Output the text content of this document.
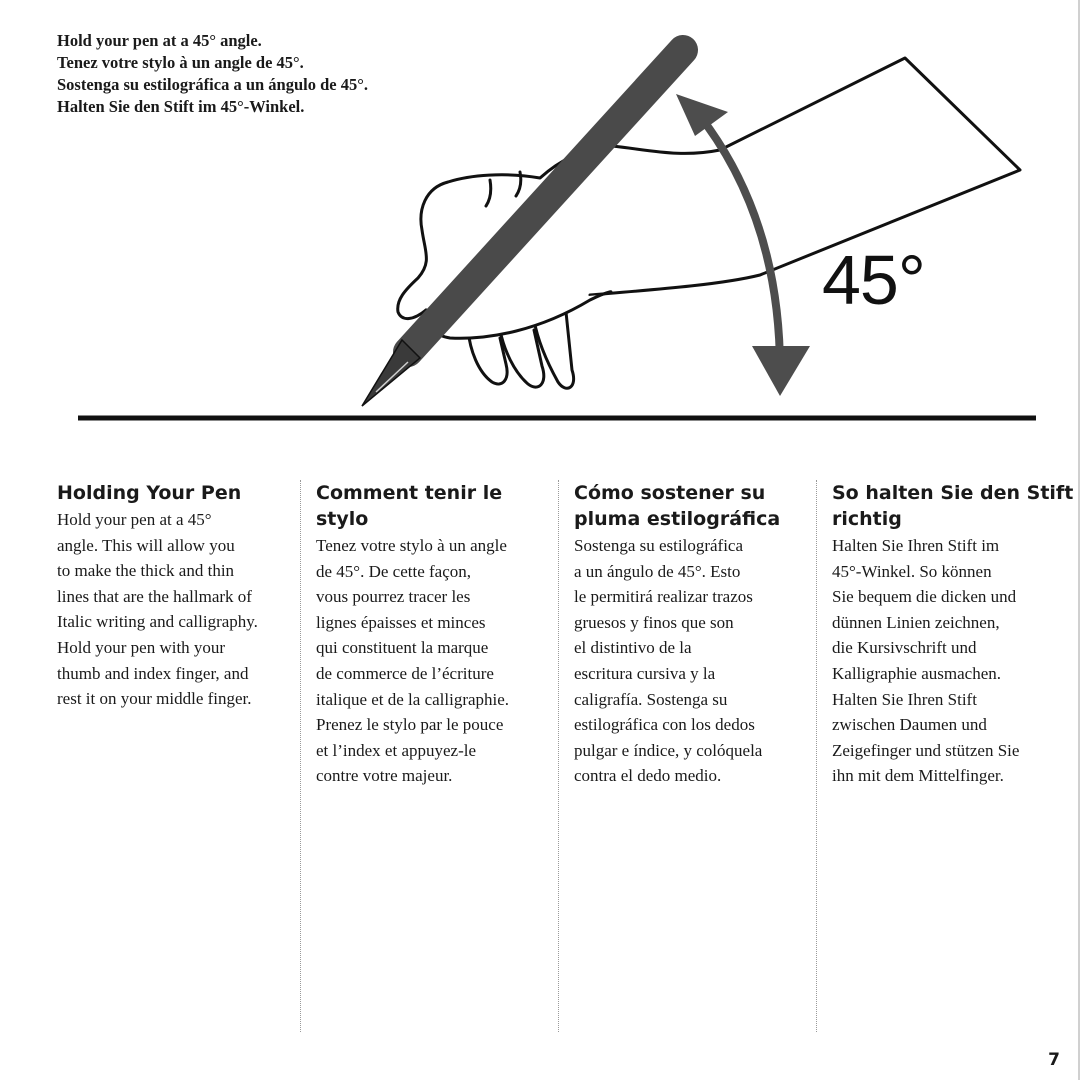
Hold your pen at a 45° angle.
Tenez votre stylo à un angle de 45°.
Sostenga su estilográfica a un ángulo de 45°.
Halten Sie den Stift im 45°-Winkel.
45°
Holding Your Pen

Hold your pen at a 45°
angle. This will allow you
to make the thick and thin
lines that are the hallmark of
Italic writing and calligraphy.
Hold your pen with your
thumb and index finger, and
rest it on your middle finger.

Comment tenir le stylo

Tenez votre stylo à un angle
de 45°. De cette façon,
vous pourrez tracer les
lignes épaisses et minces
qui constituent la marque
de commerce de l’écriture
italique et de la calligraphie.
Prenez le stylo par le pouce
et l’index et appuyez-le
contre votre majeur.

Cómo sostener su pluma estilográfica

Sostenga su estilográfica
a un ángulo de 45°. Esto
le permitirá realizar trazos
gruesos y finos que son
el distintivo de la
escritura cursiva y la
caligrafía. Sostenga su
estilográfica con los dedos
pulgar e índice, y colóquela
contra el dedo medio.

So halten Sie den Stift richtig

Halten Sie Ihren Stift im
45°-Winkel. So können
Sie bequem die dicken und
dünnen Linien zeichnen,
die Kursivschrift und
Kalligraphie ausmachen.
Halten Sie Ihren Stift
zwischen Daumen und
Zeigefinger und stützen Sie
ihn mit dem Mittelfinger.

7
